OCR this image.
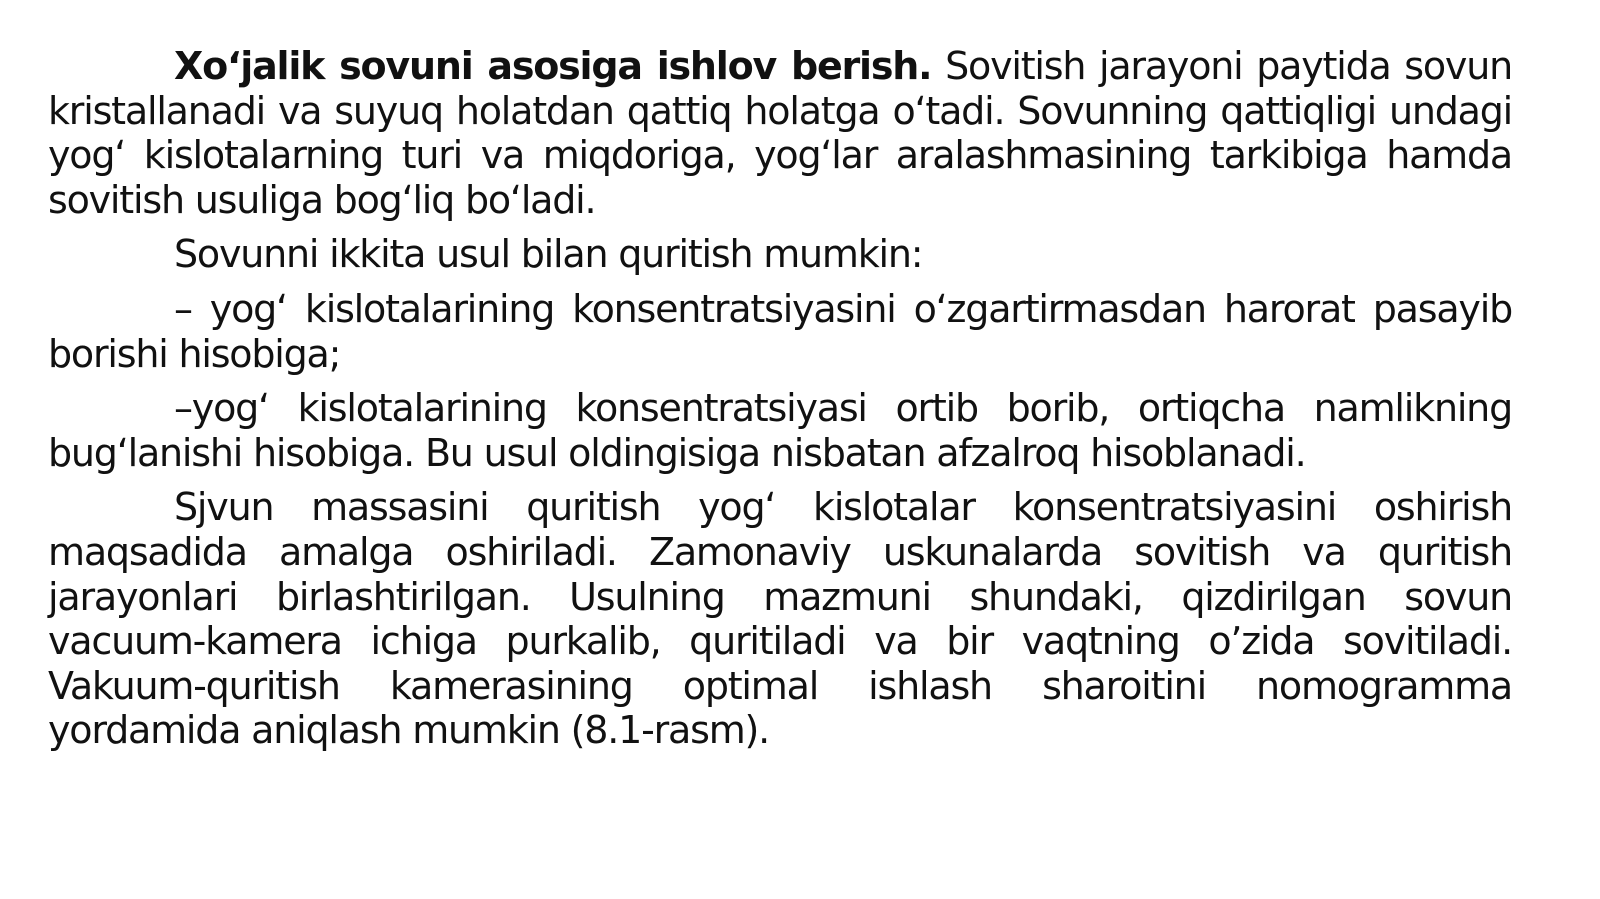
Xo‘jalik sovuni asosiga ishlov berish. Sovitish jarayoni paytida sovun kristallanadi va suyuq holatdan qattiq holatga o‘tadi. Sovunning qattiqligi undagi yog‘ kislotalarning turi va miqdoriga, yog‘lar aralashmasining tarkibiga hamda sovitish usuliga bog‘liq bo‘ladi.

Sovunni ikkita usul bilan quritish mumkin:

– yog‘ kislotalarining konsentratsiyasini o‘zgartirmasdan harorat pasayib borishi hisobiga;

–yog‘ kislotalarining konsentratsiyasi ortib borib, ortiqcha namlikning bug‘lanishi hisobiga. Bu usul oldingisiga nisbatan afzalroq hisoblanadi.

Sjvun massasini quritish yog‘ kislotalar konsentratsiyasini oshirish maqsadida amalga oshiriladi. Zamonaviy uskunalarda sovitish va quritish jarayonlari birlashtirilgan. Usulning mazmuni shundaki, qizdirilgan sovun vacuum-kamera ichiga purkalib, quritiladi va bir vaqtning o’zida sovitiladi. Vakuum-quritish kamerasining optimal ishlash sharoitini nomogramma yordamida aniqlash mumkin (8.1-rasm).
